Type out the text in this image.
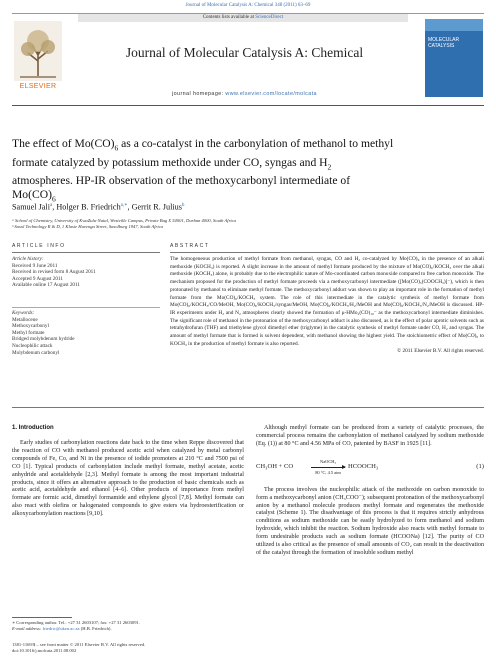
Journal of Molecular Catalysis A: Chemical 348 (2011) 63–69
Contents lists available at ScienceDirect
ELSEVIER
Journal of Molecular Catalysis A: Chemical
journal homepage: www.elsevier.com/locate/molcata
MOLECULAR CATALYSIS
The effect of $Mo(CO)_6$ as a co-catalyst in the carbonylation of methanol to methyl
formate catalyzed by potassium methoxide under CO, syngas and $H_2$
atmospheres. HP-IR observation of the methoxycarbonyl intermediate of
$Mo(CO)_6$
Samuel Jali$^a$, Holger B. Friedrich$^{a,∗}$, Gerrit R. Julius$^b$
ᵃ School of Chemistry, University of KwaZulu-Natal, Westville Campus, Private Bag X 54001, Durban 4000, South Africa
ᵇ Sasol Technology R & D, 1 Klasie Havenga Street, Sasolburg 1947, South Africa
ARTICLE INFO	ABSTRACT
Article history:
Received 9 June 2011
Received in revised form 8 August 2011
Accepted 9 August 2011
Available online 17 August 2011
Keywords:
Metallocene
Methoxycarbonyl
Methyl formate
Bridged molybdenum hydride
Nucleophilic attack
Molybdenum carbonyl
The homogeneous production of methyl formate from methanol, syngas, CO and H₂ co-catalyzed by Mo(CO)₆ in the presence of an alkali methoxide (KOCH₃) is reported. A slight increase in the amount of methyl formate produced by the mixture of Mo(CO)₆/KOCH₃ over the alkali methoxide (KOCH₃) alone, is probably due to the electrophilic nature of Mo-coordinated carbon monoxide compared to free carbon monoxide. The mechanism proposed for the production of methyl formate proceeds via a methoxycarbonyl intermediate ([Mo(CO)₅(COOCH₃)]⁻), which is then protonated by methanol to eliminate methyl formate. The methoxycarbonyl adduct was shown to play an important role in the formation of methyl formate from the Mo(CO)₆/KOCH₃ system. The role of this intermediate in the catalytic synthesis of methyl formate from Mo(CO)₆/KOCH₃/CO/MeOH, Mo(CO)₆/KOCH₃/syngas/MeOH, Mo(CO)₆/KOCH₃/H₂/MeOH and Mo(CO)₆/KOCH₃/N₂/MeOH is discussed. HP-IR experiments under H₂ and N₂ atmospheres clearly showed the formation of μ-HMo₂(CO)₁₀⁻ as the methoxycarbonyl intermediate diminishes. The significant role of methanol in the protonation of the methoxycarbonyl adduct is also discussed, as is the effect of polar aprotic solvents such as tetrahydrofuran (THF) and triethylene glycol dimethyl ether (triglyme) in the catalytic synthesis of methyl formate under CO, H₂ and syngas. The amount of methyl formate that is formed is solvent dependent, with methanol showing the highest yield. The stoichiometric effect of Mo(CO)₆ to KOCH₃ in the production of methyl formate is also reported.
© 2011 Elsevier B.V. All rights reserved.
1. Introduction

Early studies of carbonylation reactions date back to the time when Reppe discovered that the reaction of CO with methanol produced acetic acid when catalyzed by metal carbonyl compounds of Fe, Co, and Ni in the presence of iodide promoters at 210 °C and 7500 psi of CO [1]. Typical products of carbonylation include methyl formate, methyl acetate, acetic anhydride and acetaldehyde [2,3]. Methyl formate is among the most important industrial products, since it offers an alternative approach to the production of basic chemicals such as acetic acid, acetaldehyde and ethanol [4–6]. Other products of importance from methyl formate are formic acid, dimethyl formamide and ethylene glycol [7,8]. Methyl formate can also react with olefins or halogenated compounds to give esters via hydroesterification or alkoxycarbonylation reactions [9,10].

Although methyl formate can be produced from a variety of catalytic processes, the commercial process remains the carbonylation of methanol catalyzed by sodium methoxide (Eq. (1)) at 80 °C and 4.56 MPa of CO, patented by BASF in 1925 [11].

CH₃OH + CO
NaOCH₃
80 °C, 4.5 atm
HCOOCH₃	(1)

The process involves the nucleophilic attack of the methoxide on carbon monoxide to form a methoxycarbonyl anion (CH₃COO⁻); subsequent protonation of the methoxycarbonyl anion by a methanol molecule produces methyl formate and regenerates the methoxide catalyst (Scheme 1). The disadvantage of this process is that it requires strictly anhydrous conditions as sodium methoxide can be easily hydrolyzed to form methanol and sodium hydroxide, which inhibit the reaction. Sodium hydroxide also reacts with methyl formate to form undesirable products such as sodium formate (HCOONa) [12]. The purity of CO utilized is also critical as the presence of small amounts of CO₂ can result in the deactivation of the catalyst through the formation of insoluble sodium methyl

∗ Corresponding author. Tel.: +27 31 2603107; fax: +27 31 2603091.
E-mail address: friedric@ukzn.ac.za (H.B. Friedrich).
1381-1169/$ – see front matter © 2011 Elsevier B.V. All rights reserved.
doi:10.1016/j.molcata.2011.08.002
